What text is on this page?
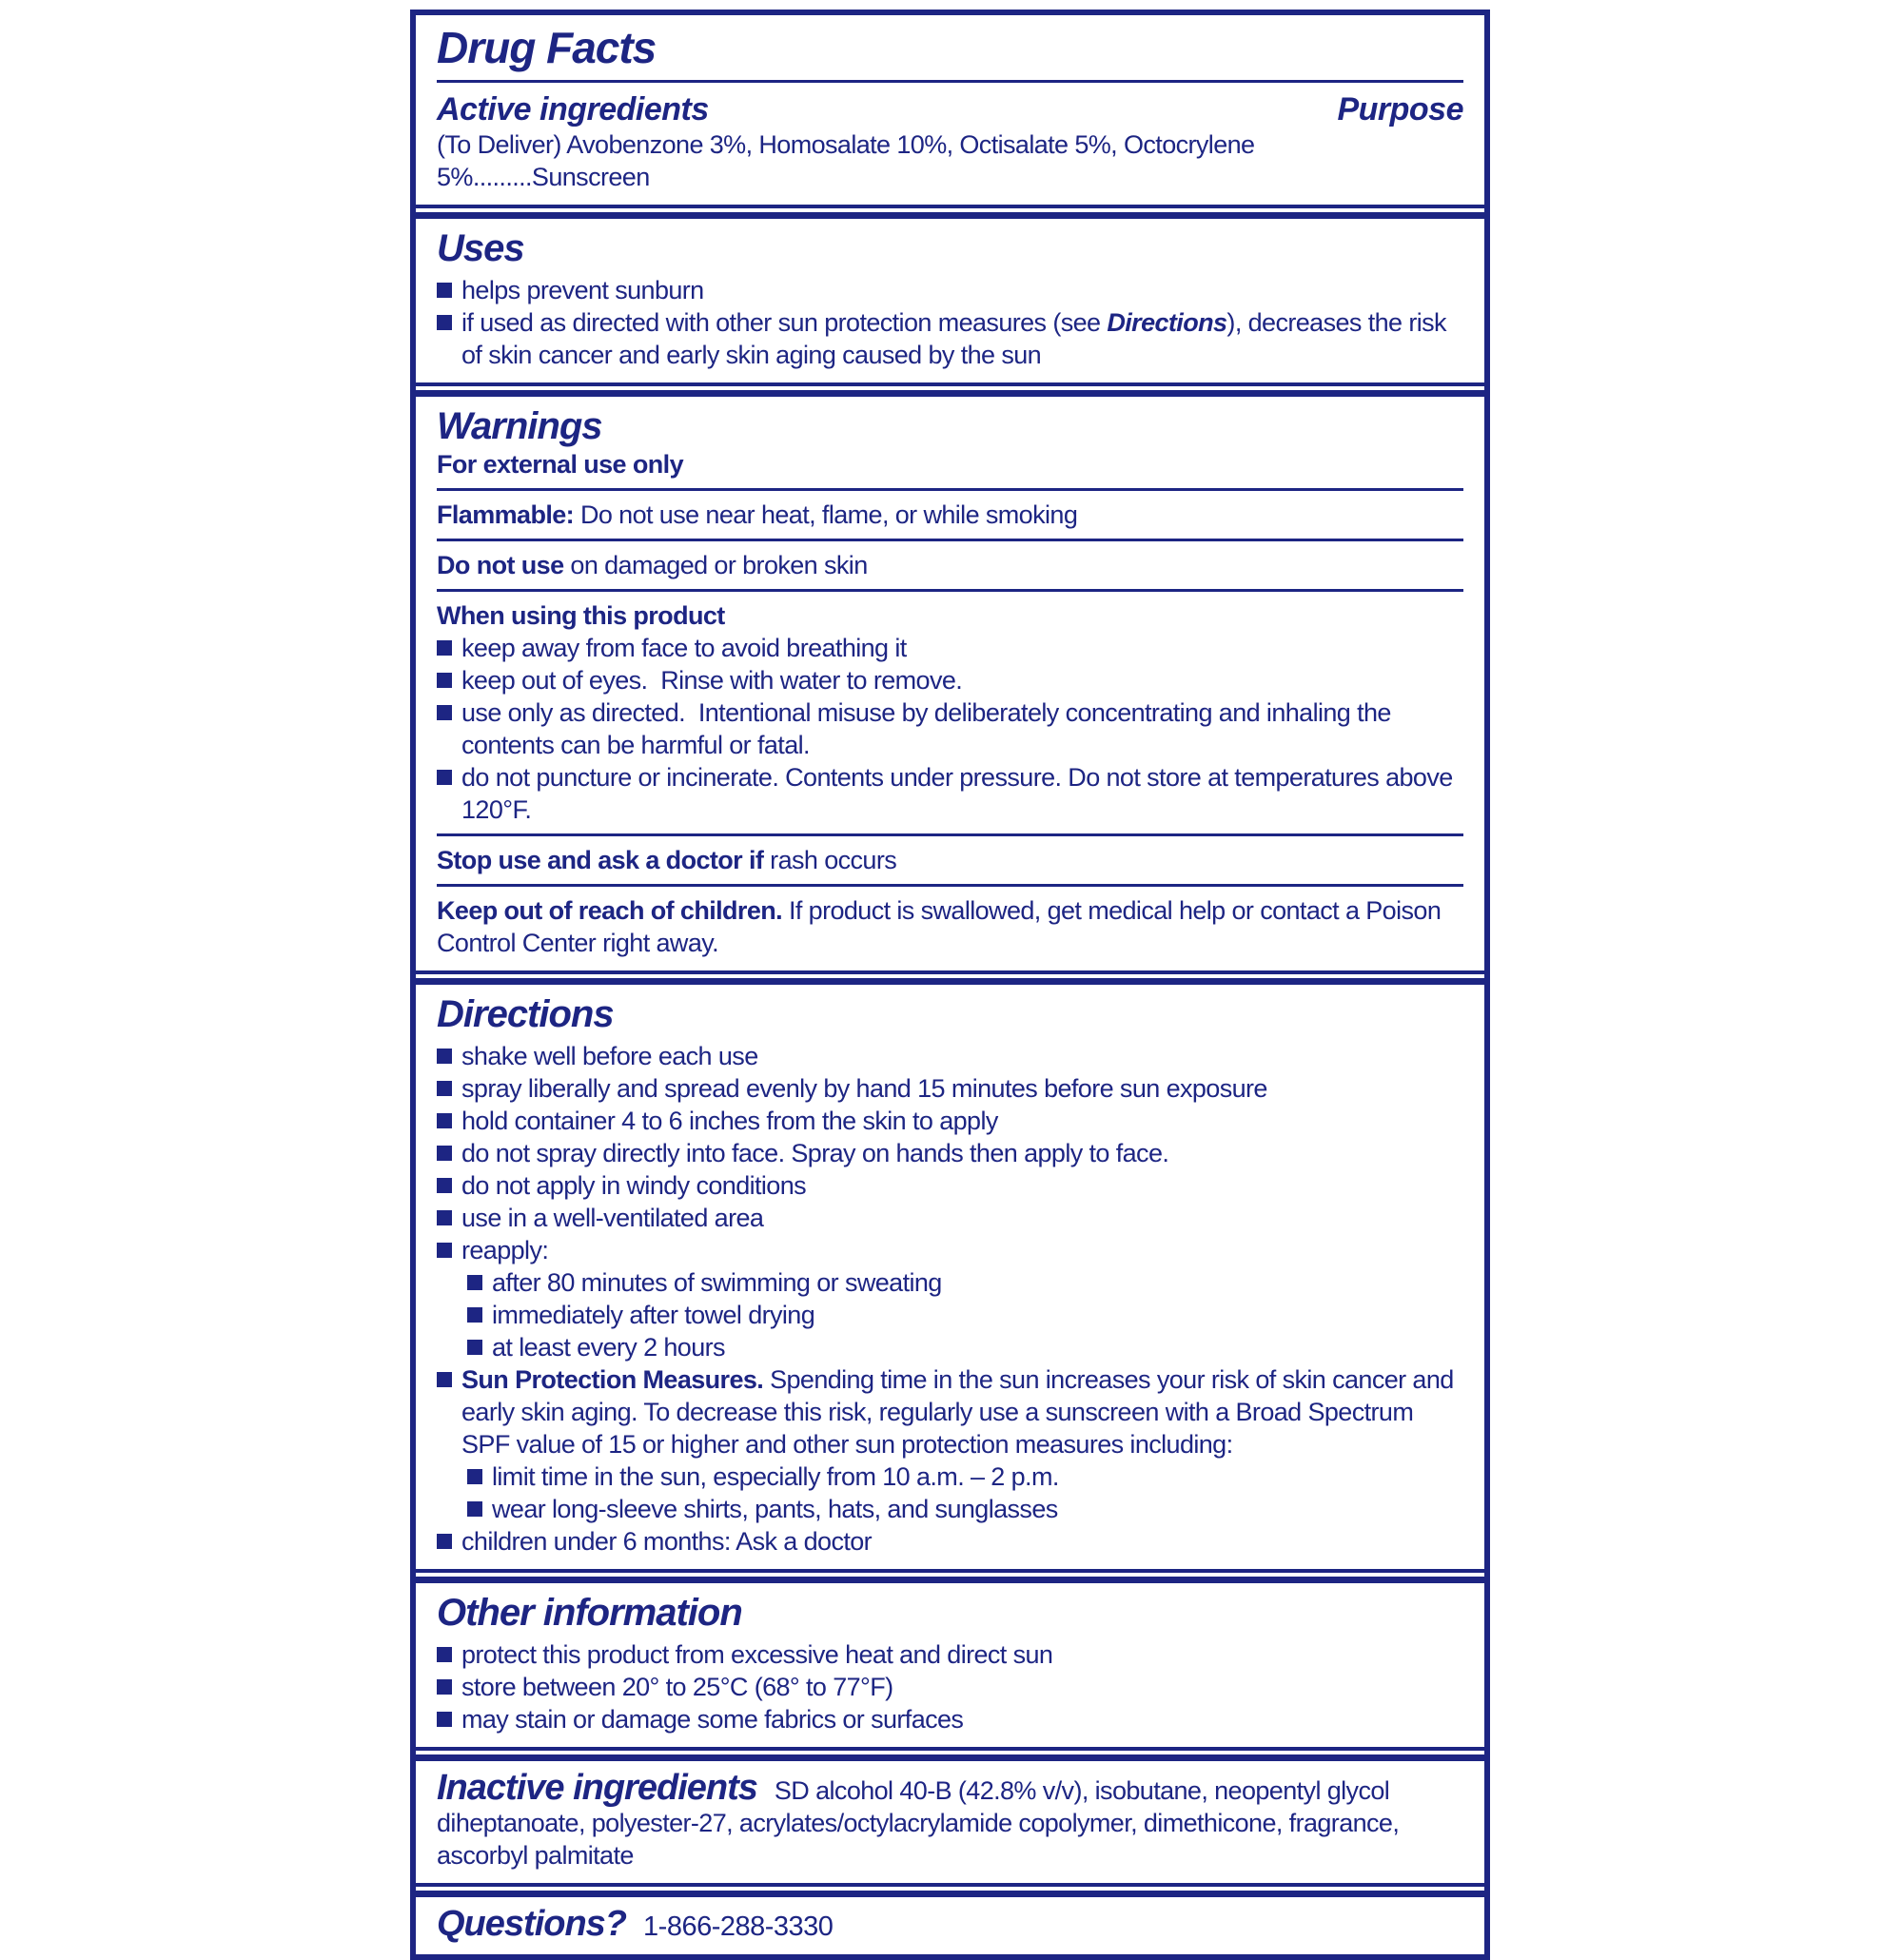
Drug Facts
Active ingredients	Purpose
(To Deliver) Avobenzone 3%, Homosalate 10%, Octisalate 5%, Octocrylene 5%.........Sunscreen
Uses
helps prevent sunburn
if used as directed with other sun protection measures (see Directions), decreases the risk of skin cancer and early skin aging caused by the sun
Warnings
For external use only
Flammable: Do not use near heat, flame, or while smoking
Do not use on damaged or broken skin
When using this product
keep away from face to avoid breathing it
keep out of eyes.  Rinse with water to remove.
use only as directed.  Intentional misuse by deliberately concentrating and inhaling the contents can be harmful or fatal.
do not puncture or incinerate. Contents under pressure. Do not store at temperatures above 120°F.
Stop use and ask a doctor if rash occurs
Keep out of reach of children. If product is swallowed, get medical help or contact a Poison Control Center right away.
Directions
shake well before each use
spray liberally and spread evenly by hand 15 minutes before sun exposure
hold container 4 to 6 inches from the skin to apply
do not spray directly into face. Spray on hands then apply to face.
do not apply in windy conditions
use in a well-ventilated area
reapply:
after 80 minutes of swimming or sweating
immediately after towel drying
at least every 2 hours
Sun Protection Measures. Spending time in the sun increases your risk of skin cancer and early skin aging. To decrease this risk, regularly use a sunscreen with a Broad Spectrum SPF value of 15 or higher and other sun protection measures including:
limit time in the sun, especially from 10 a.m. – 2 p.m.
wear long-sleeve shirts, pants, hats, and sunglasses
children under 6 months: Ask a doctor
Other information
protect this product from excessive heat and direct sun
store between 20° to 25°C (68° to 77°F)
may stain or damage some fabrics or surfaces
Inactive ingredients SD alcohol 40-B (42.8% v/v), isobutane, neopentyl glycol diheptanoate, polyester-27, acrylates/octylacrylamide copolymer, dimethicone, fragrance, ascorbyl palmitate
Questions? 1-866-288-3330
